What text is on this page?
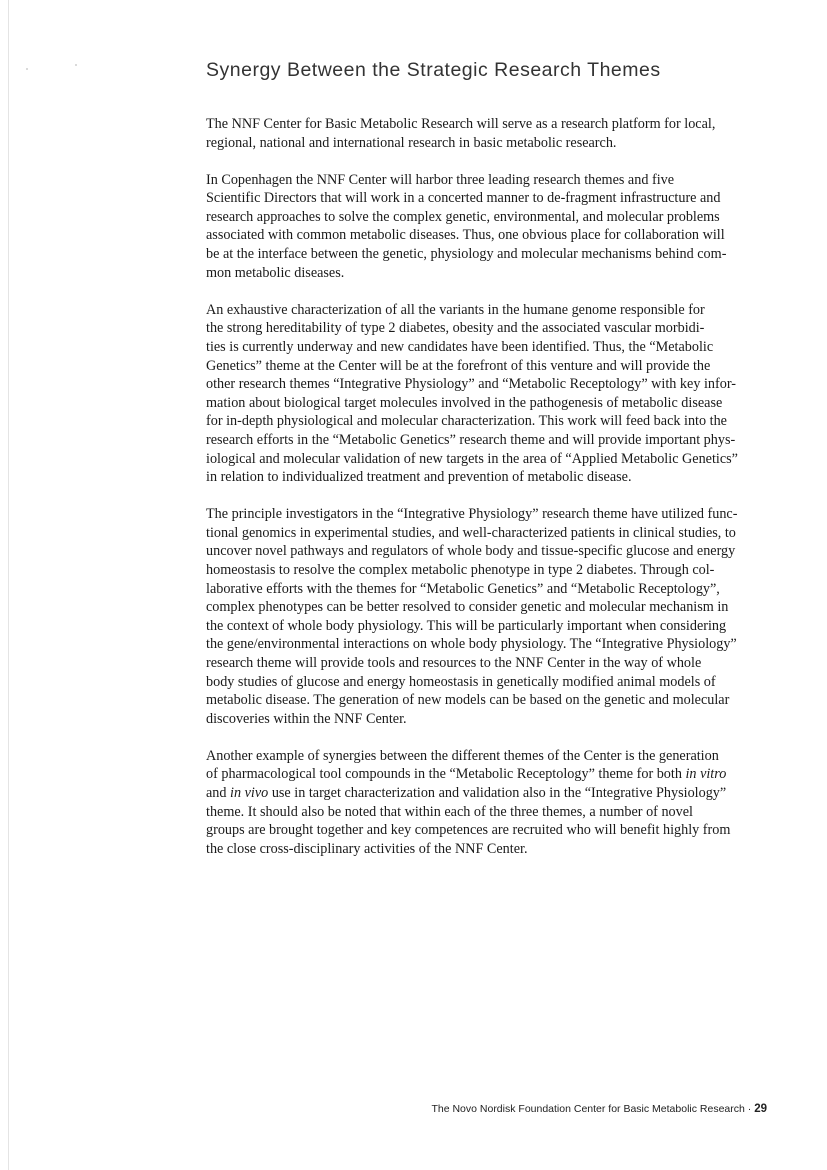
Synergy Between the Strategic Research Themes

The NNF Center for Basic Metabolic Research will serve as a research platform for local,
regional, national and international research in basic metabolic research.

In Copenhagen the NNF Center will harbor three leading research themes and five
Scientific Directors that will work in a concerted manner to de-fragment infrastructure and
research approaches to solve the complex genetic, environmental, and molecular problems
associated with common metabolic diseases. Thus, one obvious place for collaboration will
be at the interface between the genetic, physiology and molecular mechanisms behind com-
mon metabolic diseases.

An exhaustive characterization of all the variants in the humane genome responsible for
the strong hereditability of type 2 diabetes, obesity and the associated vascular morbidi-
ties is currently underway and new candidates have been identified. Thus, the “Metabolic
Genetics” theme at the Center will be at the forefront of this venture and will provide the
other research themes “Integrative Physiology” and “Metabolic Receptology” with key infor-
mation about biological target molecules involved in the pathogenesis of metabolic disease
for in-depth physiological and molecular characterization. This work will feed back into the
research efforts in the “Metabolic Genetics” research theme and will provide important phys-
iological and molecular validation of new targets in the area of “Applied Metabolic Genetics”
in relation to individualized treatment and prevention of metabolic disease.

The principle investigators in the “Integrative Physiology” research theme have utilized func-
tional genomics in experimental studies, and well-characterized patients in clinical studies, to
uncover novel pathways and regulators of whole body and tissue-specific glucose and energy
homeostasis to resolve the complex metabolic phenotype in type 2 diabetes. Through col-
laborative efforts with the themes for “Metabolic Genetics” and “Metabolic Receptology”,
complex phenotypes can be better resolved to consider genetic and molecular mechanism in
the context of whole body physiology. This will be particularly important when considering
the gene/environmental interactions on whole body physiology. The “Integrative Physiology”
research theme will provide tools and resources to the NNF Center in the way of whole
body studies of glucose and energy homeostasis in genetically modified animal models of
metabolic disease. The generation of new models can be based on the genetic and molecular
discoveries within the NNF Center.

Another example of synergies between the different themes of the Center is the generation
of pharmacological tool compounds in the “Metabolic Receptology” theme for both in vitro
and in vivo use in target characterization and validation also in the “Integrative Physiology”
theme. It should also be noted that within each of the three themes, a number of novel
groups are brought together and key competences are recruited who will benefit highly from
the close cross-disciplinary activities of the NNF Center.

The Novo Nordisk Foundation Center for Basic Metabolic Research · 29
